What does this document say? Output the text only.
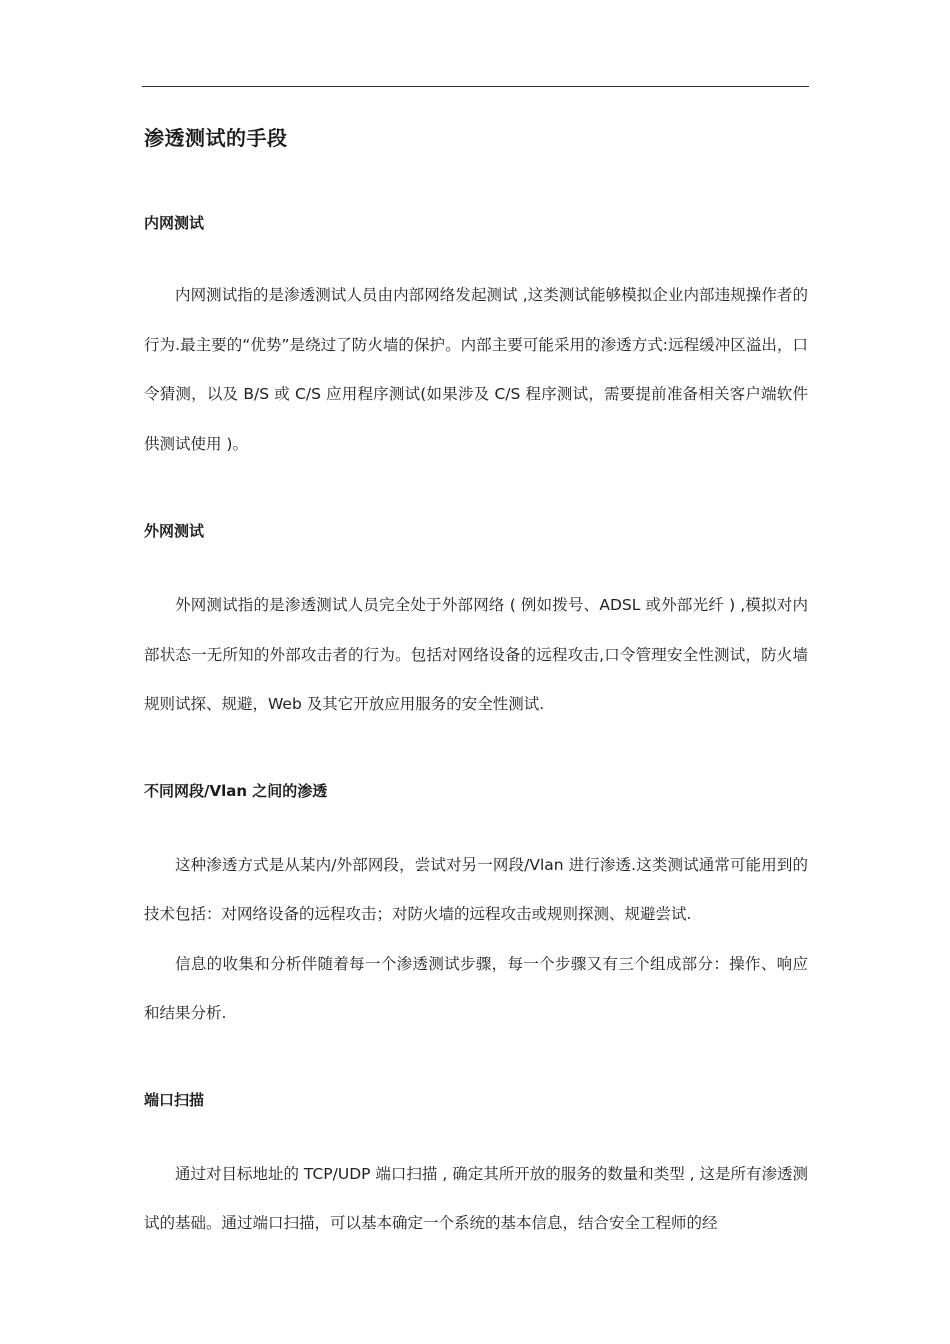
渗透测试的手段
内网测试

内网测试指的是渗透测试人员由内部网络发起测试 ,这类测试能够模拟企业内部违规操作者的行为.最主要的“优势”是绕过了防火墙的保护。内部主要可能采用的渗透方式:远程缓冲区溢出，口令猜测，以及 B/S 或 C/S 应用程序测试(如果涉及 C/S 程序测试，需要提前准备相关客户端软件供测试使用 )。

外网测试

外网测试指的是渗透测试人员完全处于外部网络 ( 例如拨号、ADSL 或外部光纤 ) ,模拟对内部状态一无所知的外部攻击者的行为。包括对网络设备的远程攻击,口令管理安全性测试，防火墙规则试探、规避，Web 及其它开放应用服务的安全性测试.

不同网段/Vlan 之间的渗透

这种渗透方式是从某内/外部网段，尝试对另一网段/Vlan 进行渗透.这类测试通常可能用到的技术包括：对网络设备的远程攻击；对防火墙的远程攻击或规则探测、规避尝试.

信息的收集和分析伴随着每一个渗透测试步骤，每一个步骤又有三个组成部分：操作、响应和结果分析.

端口扫描

通过对目标地址的 TCP/UDP 端口扫描 , 确定其所开放的服务的数量和类型 , 这是所有渗透测试的基础。通过端口扫描，可以基本确定一个系统的基本信息，结合安全工程师的经
